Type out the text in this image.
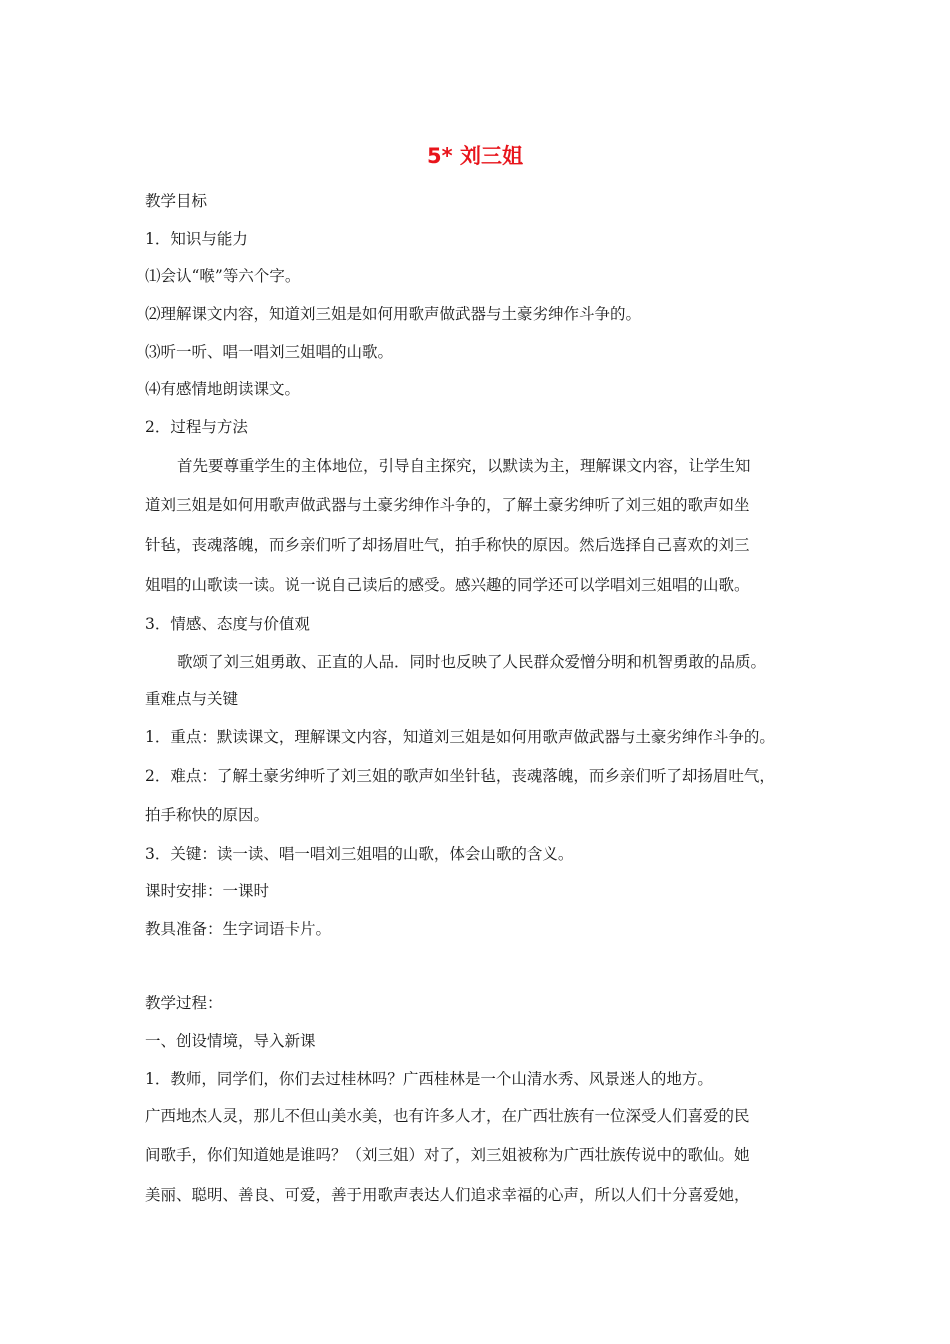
5* 刘三姐
教学目标
1．知识与能力
⑴会认“喉”等六个字。
⑵理解课文内容，知道刘三姐是如何用歌声做武器与土豪劣绅作斗争的。
⑶听一听、唱一唱刘三姐唱的山歌。
⑷有感情地朗读课文。
2．过程与方法
首先要尊重学生的主体地位，引导自主探究，以默读为主，理解课文内容，让学生知
道刘三姐是如何用歌声做武器与土豪劣绅作斗争的，了解土豪劣绅听了刘三姐的歌声如坐
针毡，丧魂落魄，而乡亲们听了却扬眉吐气，拍手称快的原因。然后选择自己喜欢的刘三
姐唱的山歌读一读。说一说自己读后的感受。感兴趣的同学还可以学唱刘三姐唱的山歌。
3．情感、态度与价值观
歌颂了刘三姐勇敢、正直的人品．同时也反映了人民群众爱憎分明和机智勇敢的品质。
重难点与关键
1．重点：默读课文，理解课文内容，知道刘三姐是如何用歌声做武器与土豪劣绅作斗争的。
2．难点：了解土豪劣绅听了刘三姐的歌声如坐针毡，丧魂落魄，而乡亲们听了却扬眉吐气，
拍手称快的原因。
3．关键：读一读、唱一唱刘三姐唱的山歌，体会山歌的含义。
课时安排：一课时
教具准备：生字词语卡片。
教学过程：
一、创设情境，导入新课
1．教师，同学们，你们去过桂林吗？广西桂林是一个山清水秀、风景迷人的地方。
广西地杰人灵，那儿不但山美水美，也有许多人才，在广西壮族有一位深受人们喜爱的民
间歌手，你们知道她是谁吗？（刘三姐）对了，刘三姐被称为广西壮族传说中的歌仙。她
美丽、聪明、善良、可爱，善于用歌声表达人们追求幸福的心声，所以人们十分喜爱她，
